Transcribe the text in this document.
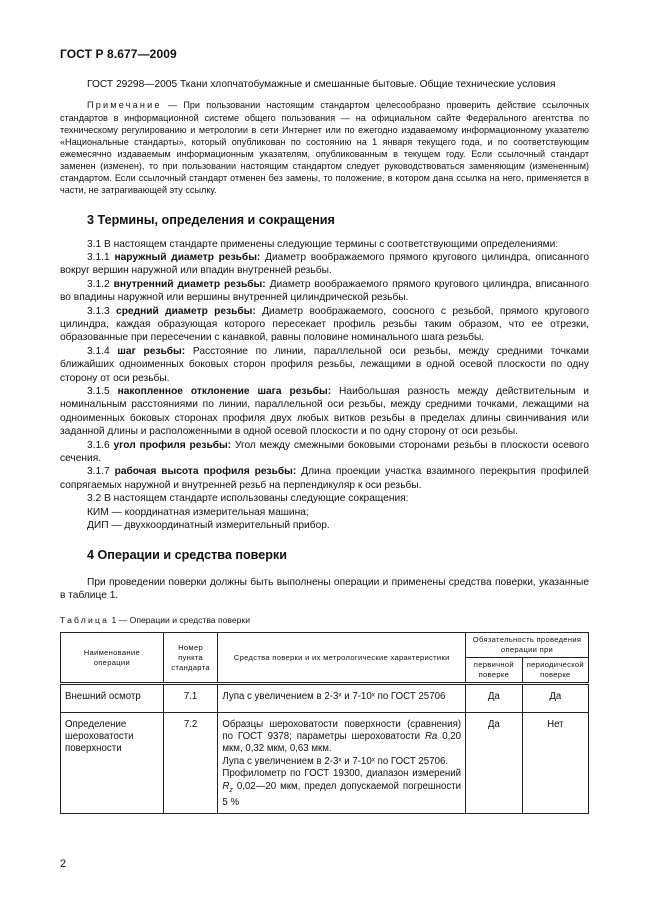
ГОСТ Р 8.677—2009

ГОСТ 29298—2005 Ткани хлопчатобумажные и смешанные бытовые. Общие технические условия

Примечание — При пользовании настоящим стандартом целесообразно проверить действие ссылочных стандартов в информационной системе общего пользования — на официальном сайте Федерального агентства по техническому регулированию и метрологии в сети Интернет или по ежегодно издаваемому информационному указателю «Национальные стандарты», который опубликован по состоянию на 1 января текущего года, и по соответствующим ежемесячно издаваемым информационным указателям, опубликованным в текущем году. Если ссылочный стандарт заменен (изменен), то при пользовании настоящим стандартом следует руководствоваться заменяющим (измененным) стандартом. Если ссылочный стандарт отменен без замены, то положение, в котором дана ссылка на него, применяется в части, не затрагивающей эту ссылку.

3 Термины, определения и сокращения

3.1 В настоящем стандарте применены следующие термины с соответствующими определениями:

3.1.1 наружный диаметр резьбы: Диаметр воображаемого прямого кругового цилиндра, описанного вокруг вершин наружной или впадин внутренней резьбы.

3.1.2 внутренний диаметр резьбы: Диаметр воображаемого прямого кругового цилиндра, вписанного во впадины наружной или вершины внутренней цилиндрической резьбы.

3.1.3 средний диаметр резьбы: Диаметр воображаемого, соосного с резьбой, прямого кругового цилиндра, каждая образующая которого пересекает профиль резьбы таким образом, что ее отрезки, образованные при пересечении с канавкой, равны половине номинального шага резьбы.

3.1.4 шаг резьбы: Расстояние по линии, параллельной оси резьбы, между средними точками ближайших одноименных боковых сторон профиля резьбы, лежащими в одной осевой плоскости по одну сторону от оси резьбы.

3.1.5 накопленное отклонение шага резьбы: Наибольшая разность между действительным и номинальным расстояниями по линии, параллельной оси резьбы, между средними точками, лежащими на одноименных боковых сторонах профиля двух любых витков резьбы в пределах длины свинчивания или заданной длины и расположенными в одной осевой плоскости и по одну сторону от оси резьбы.

3.1.6 угол профиля резьбы: Угол между смежными боковыми сторонами резьбы в плоскости осевого сечения.

3.1.7 рабочая высота профиля резьбы: Длина проекции участка взаимного перекрытия профилей сопрягаемых наружной и внутренней резьб на перпендикуляр к оси резьбы.

3.2 В настоящем стандарте использованы следующие сокращения:

КИМ — координатная измерительная машина;

ДИП — двухкоординатный измерительный прибор.

4 Операции и средства поверки

При проведении поверки должны быть выполнены операции и применены средства поверки, указанные в таблице 1.

Таблица 1 — Операции и средства поверки
Наименование операции	Номер пункта стандарта	Средства поверки и их метрологические характеристики	Обязательность проведения операции при	
			первичной поверке	периодической поверке
Внешний осмотр	7.1	Лупа с увеличением в 2-3ˣ и 7-10ˣ по ГОСТ 25706	Да	Да
Определение шероховатости поверхности	7.2	Образцы шероховатости поверхности (сравнения) по ГОСТ 9378; параметры шероховатости Ra 0,20 мкм, 0,32 мкм, 0,63 мкм.
Лупа с увеличением в 2-3ˣ и 7-10ˣ по ГОСТ 25706.
Профилометр по ГОСТ 19300, диапазон измерений $R_z$ 0,02—20 мкм, предел допускаемой погрешности 5 %	Да	Нет
2
